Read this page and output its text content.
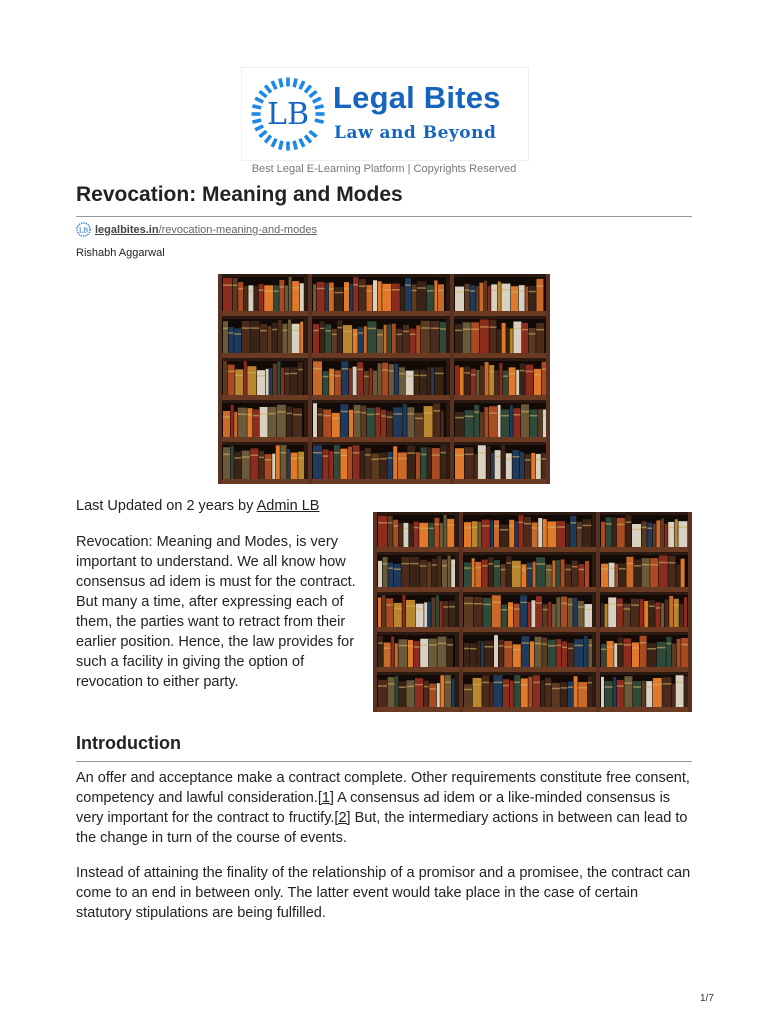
LB Legal Bites
Law and Beyond
Best Legal E-Learning Platform | Copyrights Reserved
Revocation: Meaning and Modes
LB legalbites.in /revocation-meaning-and-modes
Rishabh Aggarwal
Last Updated on 2 years by Admin LB

Revocation: Meaning and Modes, is very important to understand. We all know how consensus ad idem is must for the contract. But many a time, after expressing each of them, the parties want to retract from their earlier position. Hence, the law provides for such a facility in giving the option of revocation to either party.

Introduction

An offer and acceptance make a contract complete. Other requirements constitute free consent, competency and lawful consideration.[1] A consensus ad idem or a like-minded consensus is very important for the contract to fructify.[2] But, the intermediary actions in between can lead to the change in turn of the course of events.

Instead of attaining the finality of the relationship of a promisor and a promisee, the contract can come to an end in between only. The latter event would take place in the case of certain statutory stipulations are being fulfilled.

1/7
